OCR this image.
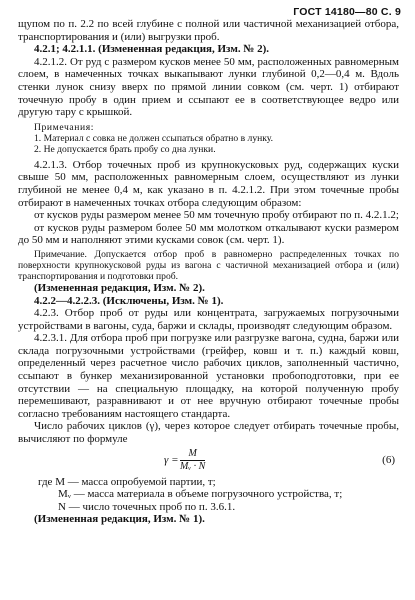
ГОСТ 14180—80 С. 9

щупом по п. 2.2 по всей глубине с полной или частичной механизацией отбора, транспортирования и (или) выгрузки проб.

4.2.1; 4.2.1.1. (Измененная редакция, Изм. № 2).

4.2.1.2. От руд с размером кусков менее 50 мм, расположенных равномерным слоем, в намеченных точках выкапывают лунки глубиной 0,2—0,4 м. Вдоль стенки лунок снизу вверх по прямой линии совком (см. черт. 1) отбирают точечную пробу в один прием и ссыпают ее в соответствующее ведро или другую тару с крышкой.

Примечания:

1. Материал с совка не должен ссыпаться обратно в лунку.

2. Не допускается брать пробу со дна лунки.

4.2.1.3. Отбор точечных проб из крупнокусковых руд, содержащих куски свыше 50 мм, расположенных равномерным слоем, осуществляют из лунки глубиной не менее 0,4 м, как указано в п. 4.2.1.2. При этом точечные пробы отбирают в намеченных точках отбора следующим образом:

от кусков руды размером менее 50 мм точечную пробу отбирают по п. 4.2.1.2;

от кусков руды размером более 50 мм молотком откалывают куски размером до 50 мм и наполняют этими кусками совок (см. черт. 1).

Примечание. Допускается отбор проб в равномерно распределенных точках по поверхности крупнокусковой руды из вагона с частичной механизацией отбора и (или) транспортирования и подготовки проб.

(Измененная редакция, Изм. № 2).

4.2.2—4.2.2.3. (Исключены, Изм. № 1).

4.2.3. Отбор проб от руды или концентрата, загружаемых погрузочными устройствами в вагоны, суда, баржи и склады, производят следующим образом.

4.2.3.1. Для отбора проб при погрузке или разгрузке вагона, судна, баржи или склада погрузочными устройствами (грейфер, ковш и т. п.) каждый ковш, определенный через расчетное число рабочих циклов, заполненный частично, ссыпают в бункер механизированной установки пробоподготовки, при ее отсутствии — на специальную площадку, на которой полученную пробу перемешивают, разравнивают и от нее вручную отбирают точечные пробы согласно требованиям настоящего стандарта.

Число рабочих циклов (γ), через которое следует отбирать точечные пробы, вычисляют по формуле

$\gamma = \frac{M}{\text{Mᵥ · N}}$	(6)

где M — масса опробуемой партии, т;

Mᵥ — масса материала в объеме погрузочного устройства, т;

N — число точечных проб по п. 3.6.1.

(Измененная редакция, Изм. № 1).
